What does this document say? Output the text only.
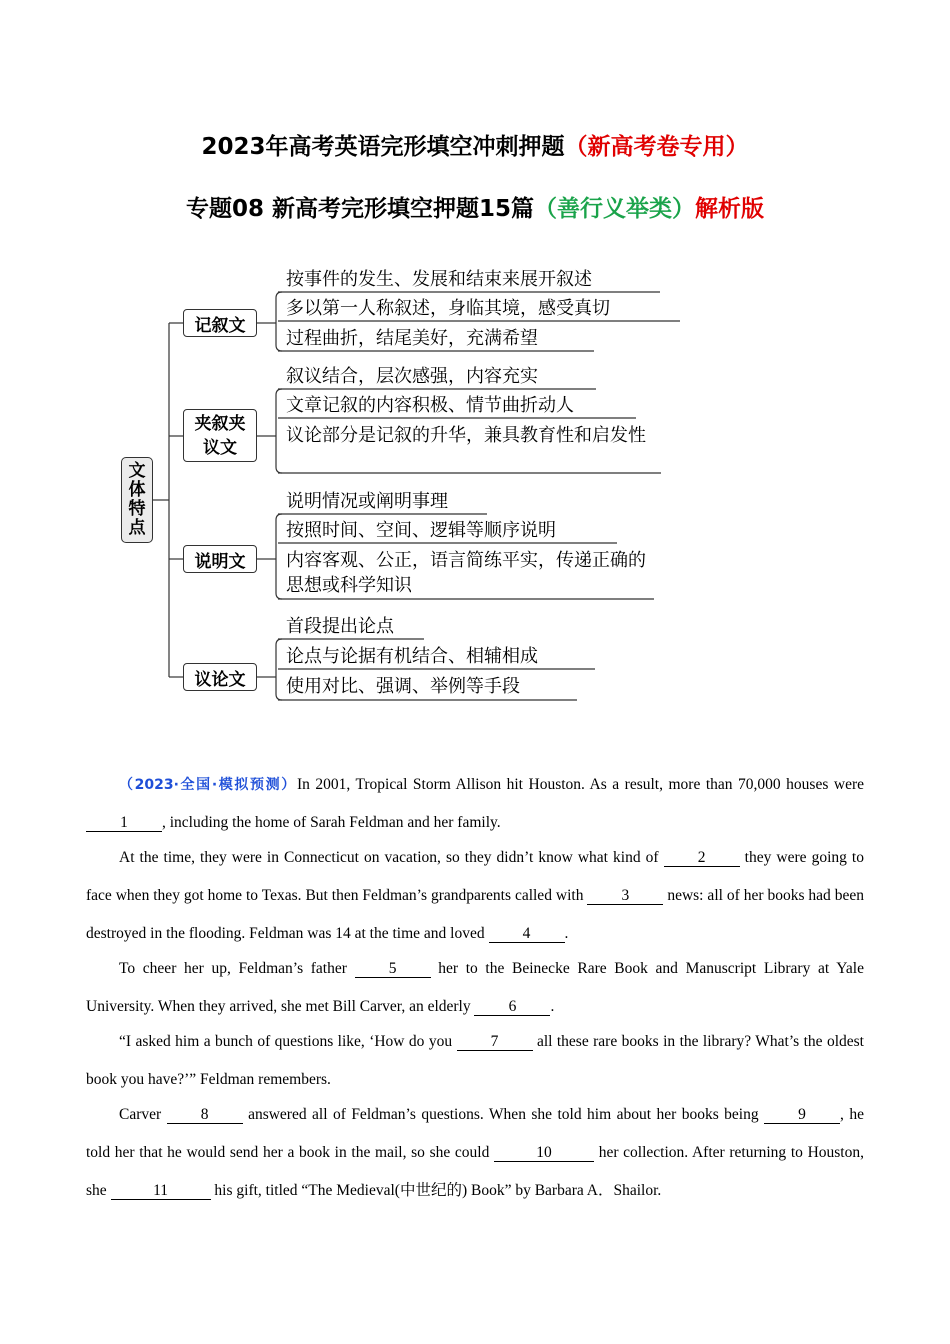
2023年高考英语完形填空冲刺押题（新高考卷专用）
专题08 新高考完形填空押题15篇（善行义举类）解析版
文
体
特
点
记叙文
夹叙夹
议文
说明文
议论文
按事件的发生、发展和结束来展开叙述
多以第一人称叙述，身临其境，感受真切
过程曲折，结尾美好，充满希望
叙议结合，层次感强，内容充实
文章记叙的内容积极、情节曲折动人
议论部分是记叙的升华，兼具教育性和启发性
说明情况或阐明事理
按照时间、空间、逻辑等顺序说明
内容客观、公正，语言简练平实，传递正确的思想或科学知识
首段提出论点
论点与论据有机结合、相辅相成
使用对比、强调、举例等手段
（2023·全国·模拟预测）In 2001, Tropical Storm Allison hit Houston. As a result, more than 70,000 houses were 1 , including the home of Sarah Feldman and her family.
At the time, they were in Connecticut on vacation, so they didn’t know what kind of 2 they were going to face when they got home to Texas. But then Feldman’s grandparents called with 3 news: all of her books had been destroyed in the flooding. Feldman was 14 at the time and loved 4 .
To cheer her up, Feldman’s father 5 her to the Beinecke Rare Book and Manuscript Library at Yale University. When they arrived, she met Bill Carver, an elderly 6 .
“I asked him a bunch of questions like, ‘How do you 7 all these rare books in the library? What’s the oldest book you have?’” Feldman remembers.
Carver 8 answered all of Feldman’s questions. When she told him about her books being 9 , he told her that he would send her a book in the mail, so she could	10	her collection. After returning to Houston, she	11	his gift, titled “The Medieval(中世纪的) Book” by Barbara A．Shailor.
